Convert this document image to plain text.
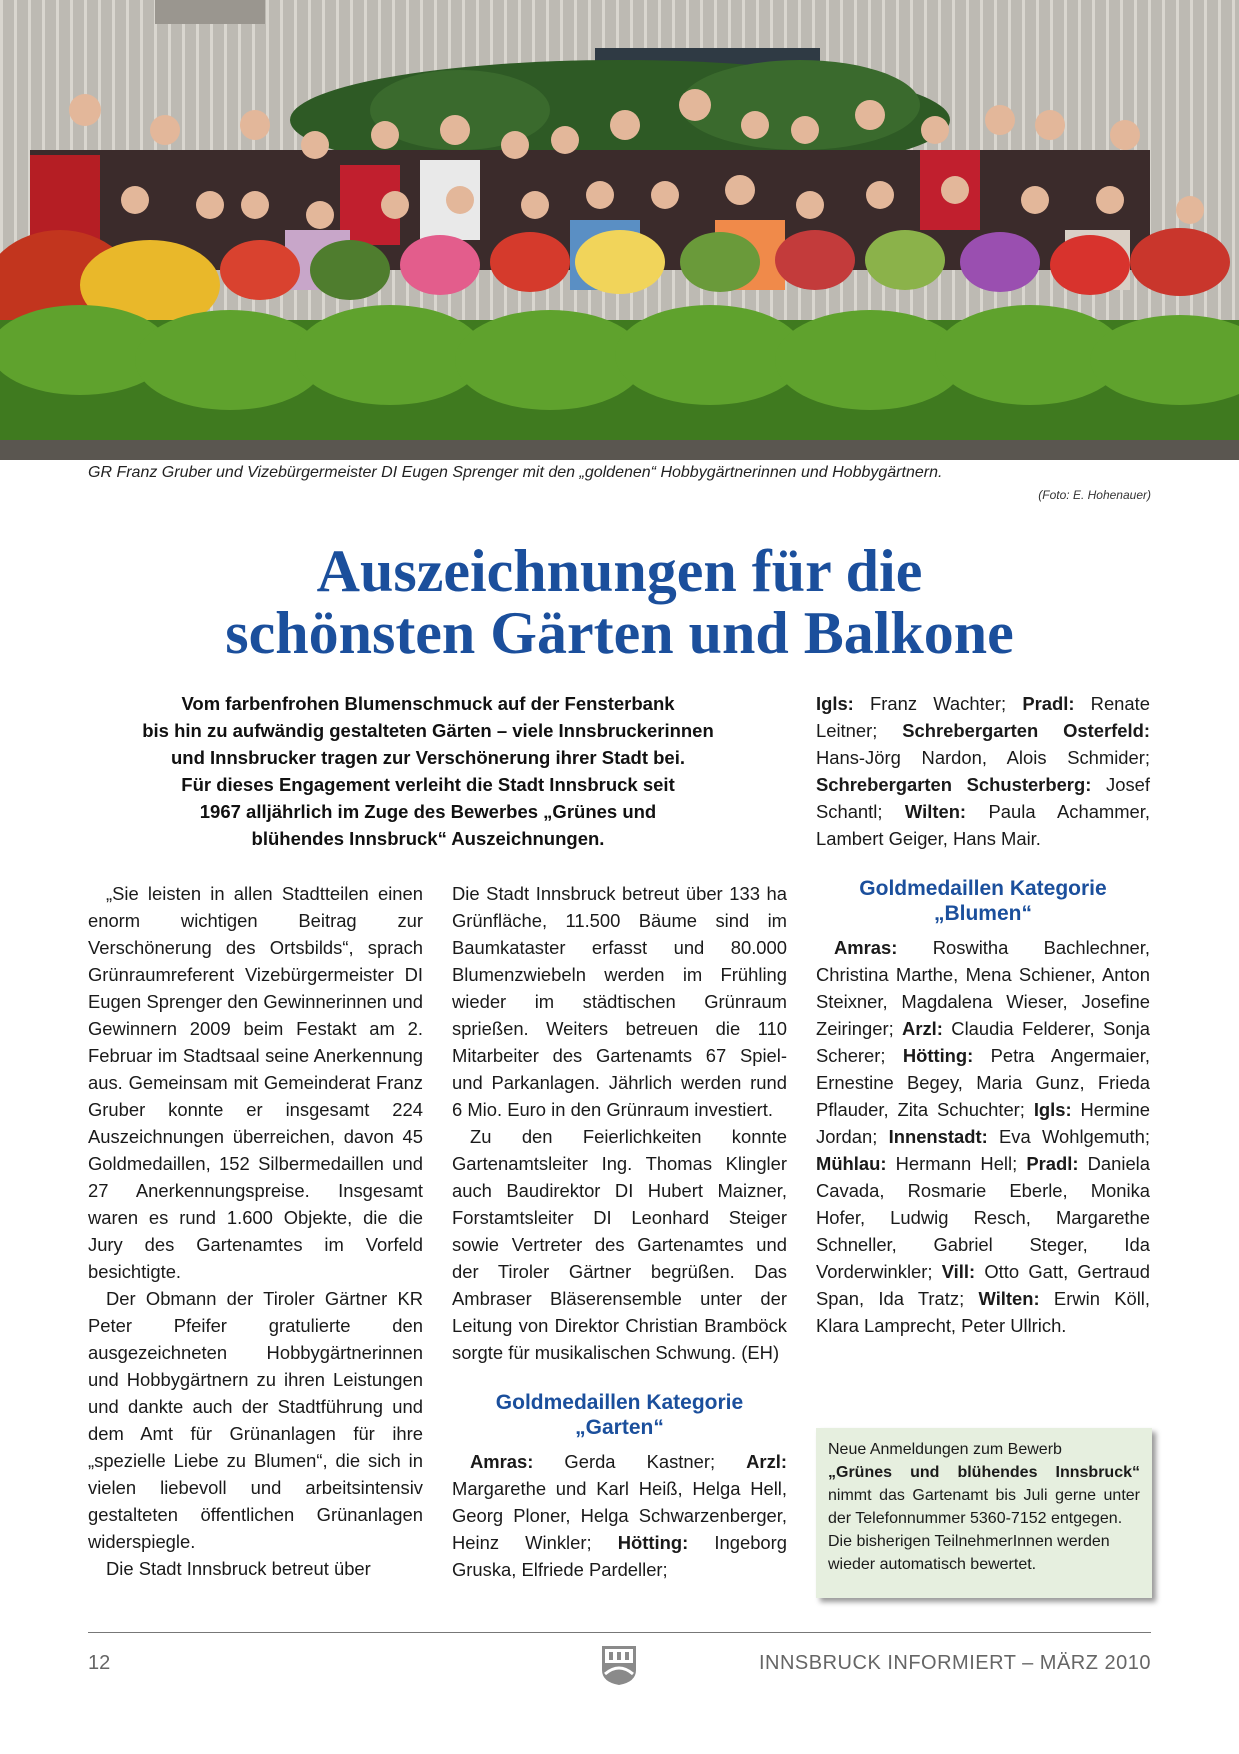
GR Franz Gruber und Vizebürgermeister DI Eugen Sprenger mit den „goldenen“ Hobbygärtnerinnen und Hobbygärtnern.
(Foto: E. Hohenauer)
Auszeichnungen für die
schönsten Gärten und Balkone

Vom farbenfrohen Blumenschmuck auf der Fensterbank
bis hin zu aufwändig gestalteten Gärten – viele Innsbruckerinnen
und Innsbrucker tragen zur Verschönerung ihrer Stadt bei.
Für dieses Engagement verleiht die Stadt Innsbruck seit
1967 alljährlich im Zuge des Bewerbes „Grünes und
blühendes Innsbruck“ Auszeichnungen.

„Sie leisten in allen Stadtteilen einen enorm wichtigen Beitrag zur Verschönerung des Ortsbilds“, sprach Grünraumreferent Vizebürgermeister DI Eugen Sprenger den Gewinnerinnen und Gewinnern 2009 beim Festakt am 2. Februar im Stadtsaal seine Anerkennung aus. Gemeinsam mit Gemeinderat Franz Gruber konnte er insgesamt 224 Auszeichnungen überreichen, davon 45 Goldmedaillen, 152 Silbermedaillen und 27 Anerkennungspreise. Insgesamt waren es rund 1.600 Objekte, die die Jury des Gartenamtes im Vorfeld besichtigte.

Der Obmann der Tiroler Gärtner KR Peter Pfeifer gratulierte den ausgezeichneten Hobbygärtnerinnen und Hobbygärtnern zu ihren Leistungen und dankte auch der Stadtführung und dem Amt für Grünanlagen für ihre „spezielle Liebe zu Blumen“, die sich in vielen liebevoll und arbeitsintensiv gestalteten öffentlichen Grünanlagen widerspiegle.

Die Stadt Innsbruck betreut über

Die Stadt Innsbruck betreut über 133 ha Grünfläche, 11.500 Bäume sind im Baumkataster erfasst und 80.000 Blumenzwiebeln werden im Frühling wieder im städtischen Grünraum sprießen. Weiters betreuen die 110 Mitarbeiter des Gartenamts 67 Spiel- und Parkanlagen. Jährlich werden rund 6 Mio. Euro in den Grünraum investiert.

Zu den Feierlichkeiten konnte Gartenamtsleiter Ing. Thomas Klingler auch Baudirektor DI Hubert Maizner, Forstamtsleiter DI Leonhard Steiger sowie Vertreter des Gartenamtes und der Tiroler Gärtner begrüßen. Das Ambraser Bläserensemble unter der Leitung von Direktor Christian Bramböck sorgte für musikalischen Schwung. (EH)

Goldmedaillen Kategorie
„Garten“

Amras: Gerda Kastner; Arzl: Margarethe und Karl Heiß, Helga Hell, Georg Ploner, Helga Schwarzenberger, Heinz Winkler; Hötting: Ingeborg Gruska, Elfriede Pardeller;

Igls: Franz Wachter; Pradl: Renate Leitner; Schrebergarten Osterfeld: Hans-Jörg Nardon, Alois Schmider; Schrebergarten Schusterberg: Josef Schantl; Wilten: Paula Achammer, Lambert Geiger, Hans Mair.

Goldmedaillen Kategorie
„Blumen“

Amras: Roswitha Bachlechner, Christina Marthe, Mena Schiener, Anton Steixner, Magdalena Wieser, Josefine Zeiringer; Arzl: Claudia Felderer, Sonja Scherer; Hötting: Petra Angermaier, Ernestine Begey, Maria Gunz, Frieda Pflauder, Zita Schuchter; Igls: Hermine Jordan; Innenstadt: Eva Wohlgemuth; Mühlau: Hermann Hell; Pradl: Daniela Cavada, Rosmarie Eberle, Monika Hofer, Ludwig Resch, Margarethe Schneller, Gabriel Steger, Ida Vorderwinkler; Vill: Otto Gatt, Gertraud Span, Ida Tratz; Wilten: Erwin Köll, Klara Lamprecht, Peter Ullrich.

Neue Anmeldungen zum Bewerb
„Grünes und blühendes Innsbruck“ nimmt das Gartenamt bis Juli gerne unter der Telefonnummer 5360-7152 entgegen.

Die bisherigen TeilnehmerInnen werden wieder automatisch bewertet.

12	INNSBRUCK INFORMIERT – MÄRZ 2010
